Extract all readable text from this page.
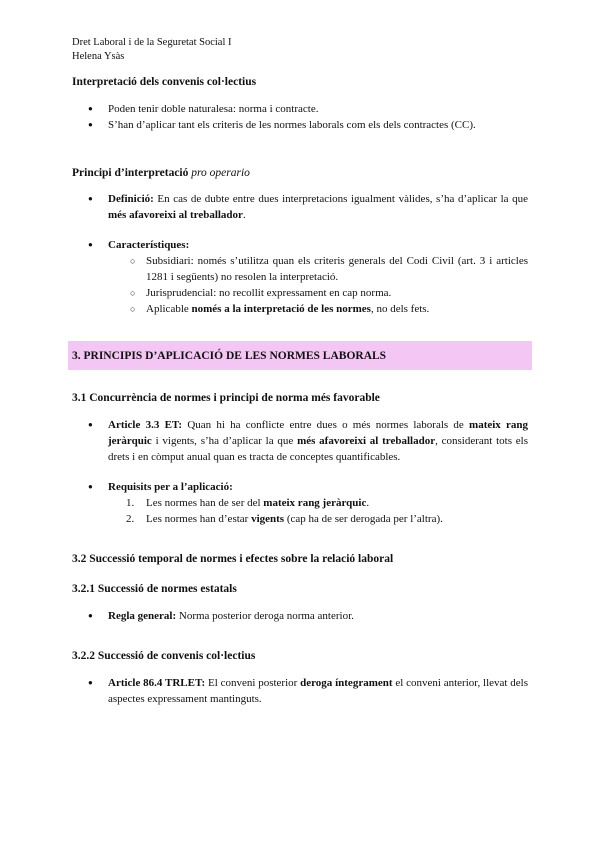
Dret Laboral i de la Seguretat Social I
Helena Ysàs
Interpretació dels convenis col·lectius
● Poden tenir doble naturalesa: norma i contracte.
● S’han d’aplicar tant els criteris de les normes laborals com els dels contractes (CC).
Principi d’interpretació pro operario
● Definició: En cas de dubte entre dues interpretacions igualment vàlides, s’ha d’aplicar la que més afavoreixi al treballador.
● Característiques:
○ Subsidiari: només s’utilitza quan els criteris generals del Codi Civil (art. 3 i articles 1281 i següents) no resolen la interpretació.
○ Jurisprudencial: no recollit expressament en cap norma.
○ Aplicable només a la interpretació de les normes, no dels fets.
3. PRINCIPIS D’APLICACIÓ DE LES NORMES LABORALS
3.1 Concurrència de normes i principi de norma més favorable
● Article 3.3 ET: Quan hi ha conflicte entre dues o més normes laborals de mateix rang jeràrquic i vigents, s’ha d’aplicar la que més afavoreixi al treballador, considerant tots els drets i en còmput anual quan es tracta de conceptes quantificables.
● Requisits per a l’aplicació:
1. Les normes han de ser del mateix rang jeràrquic.
2. Les normes han d’estar vigents (cap ha de ser derogada per l’altra).
3.2 Successió temporal de normes i efectes sobre la relació laboral
3.2.1 Successió de normes estatals
● Regla general: Norma posterior deroga norma anterior.
3.2.2 Successió de convenis col·lectius
● Article 86.4 TRLET: El conveni posterior deroga íntegrament el conveni anterior, llevat dels aspectes expressament mantinguts.
